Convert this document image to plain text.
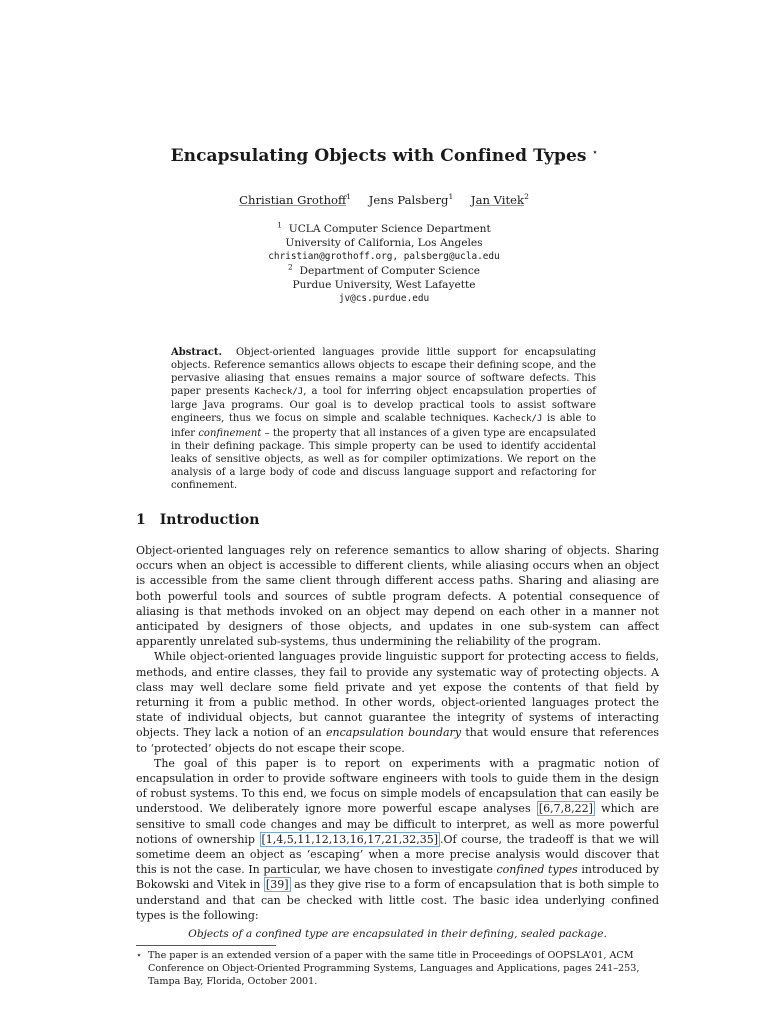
Encapsulating Objects with Confined Types ⋆
Christian Grothoff$^1$ Jens Palsberg$^1$ Jan Vitek$^2$
$^1$ UCLA Computer Science Department
University of California, Los Angeles
christian@grothoff.org, palsberg@ucla.edu
$^2$ Department of Computer Science
Purdue University, West Lafayette
jv@cs.purdue.edu
Abstract. Object-oriented languages provide little support for encapsulating objects. Reference semantics allows objects to escape their defining scope, and the pervasive aliasing that ensues remains a major source of software defects. This paper presents Kacheck/J, a tool for inferring object encapsulation properties of large Java programs. Our goal is to develop practical tools to assist software engineers, thus we focus on simple and scalable techniques. Kacheck/J is able to infer confinement – the property that all instances of a given type are encapsulated in their defining package. This simple property can be used to identify accidental leaks of sensitive objects, as well as for compiler optimizations. We report on the analysis of a large body of code and discuss language support and refactoring for confinement.
1 Introduction

Object-oriented languages rely on reference semantics to allow sharing of objects. Sharing occurs when an object is accessible to different clients, while aliasing occurs when an object is accessible from the same client through different access paths. Sharing and aliasing are both powerful tools and sources of subtle program defects. A potential consequence of aliasing is that methods invoked on an object may depend on each other in a manner not anticipated by designers of those objects, and updates in one sub-system can affect apparently unrelated sub-systems, thus undermining the reliability of the program.

While object-oriented languages provide linguistic support for protecting access to fields, methods, and entire classes, they fail to provide any systematic way of protecting objects. A class may well declare some field private and yet expose the contents of that field by returning it from a public method. In other words, object-oriented languages protect the state of individual objects, but cannot guarantee the integrity of systems of interacting objects. They lack a notion of an encapsulation boundary that would ensure that references to ‘protected’ objects do not escape their scope.

The goal of this paper is to report on experiments with a pragmatic notion of encapsulation in order to provide software engineers with tools to guide them in the design of robust systems. To this end, we focus on simple models of encapsulation that can easily be understood. We deliberately ignore more powerful escape analyses [6,7,8,22] which are sensitive to small code changes and may be difficult to interpret, as well as more powerful notions of ownership [1,4,5,11,12,13,16,17,21,32,35] .Of course, the tradeoff is that we will sometime deem an object as ‘escaping’ when a more precise analysis would discover that this is not the case. In particular, we have chosen to investigate confined types introduced by Bokowski and Vitek in [39] as they give rise to a form of encapsulation that is both simple to understand and that can be checked with little cost. The basic idea underlying confined types is the following:

Objects of a confined type are encapsulated in their defining, sealed package.
⋆ The paper is an extended version of a paper with the same title in Proceedings of OOPSLA’01, ACM Conference on Object-Oriented Programming Systems, Languages and Applications, pages 241–253, Tampa Bay, Florida, October 2001.
